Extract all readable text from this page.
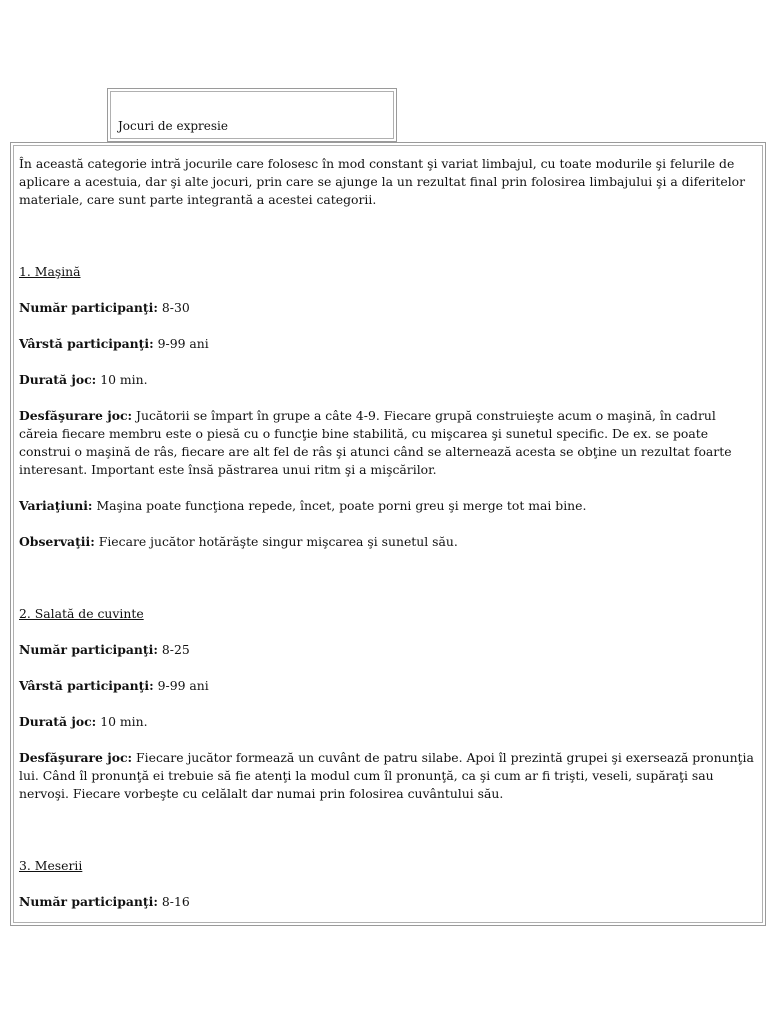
Jocuri de expresie

În această categorie intră jocurile care folosesc în mod constant şi variat limbajul, cu toate modurile şi felurile de aplicare a acestuia, dar şi alte jocuri, prin care se ajunge la un rezultat final prin folosirea limbajului şi a diferitelor materiale, care sunt parte integrantă a acestei categorii.

1. Maşină

Număr participanţi: 8-30

Vârstă participanţi: 9-99 ani

Durată joc: 10 min.

Desfăşurare joc: Jucătorii se împart în grupe a câte 4-9. Fiecare grupă construieşte acum o maşină, în cadrul căreia fiecare membru este o piesă cu o funcţie bine stabilită, cu mişcarea şi sunetul specific. De ex. se poate construi o maşină de râs, fiecare are alt fel de râs şi atunci când se alternează acesta se obţine un rezultat foarte interesant. Important este însă păstrarea unui ritm şi a mişcărilor.

Variaţiuni: Maşina poate funcţiona repede, încet, poate porni greu şi merge tot mai bine.

Observaţii: Fiecare jucător hotărăşte singur mişcarea şi sunetul său.

2. Salată de cuvinte

Număr participanţi: 8-25

Vârstă participanţi: 9-99 ani

Durată joc: 10 min.

Desfăşurare joc: Fiecare jucător formează un cuvânt de patru silabe. Apoi îl prezintă grupei şi exersează pronunţia lui. Când îl pronunţă ei trebuie să fie atenţi la modul cum îl pronunţă, ca şi cum ar fi trişti, veseli, supăraţi sau nervoşi. Fiecare vorbeşte cu celălalt dar numai prin folosirea cuvântului său.

3. Meserii

Număr participanţi: 8-16
